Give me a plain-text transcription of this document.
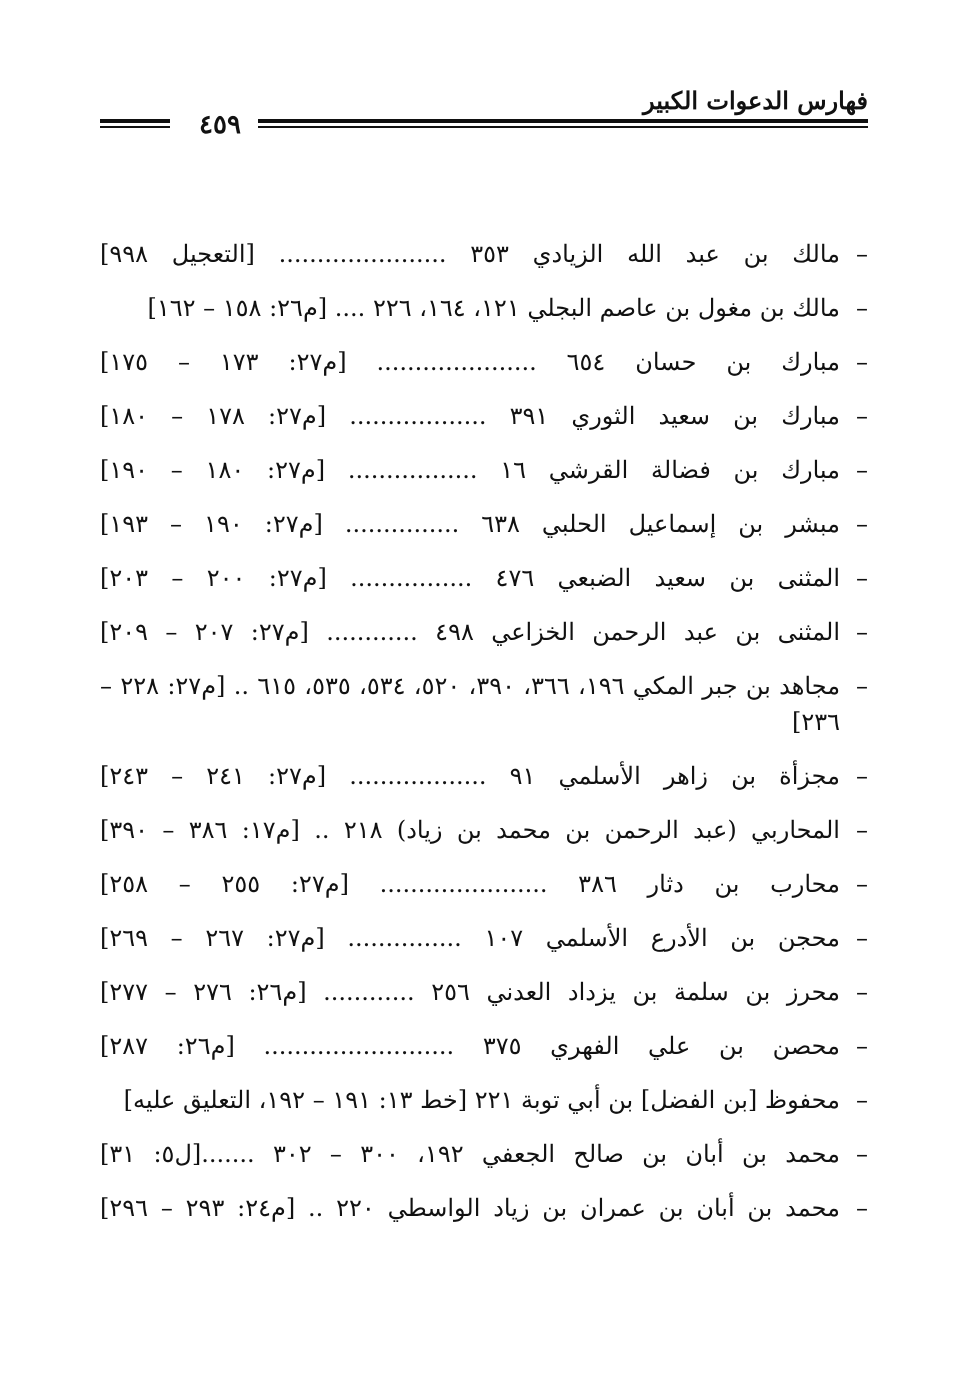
فهارس الدعوات الكبير
٤٥٩
–
مالك بن عبد الله الزيادي ٣٥٣ ...................... [التعجيل ٩٩٨]
–
مالك بن مغول بن عاصم البجلي ١٢١، ١٦٤، ٢٢٦ .... [م٢٦: ١٥٨ – ١٦٢]
–
مبارك بن حسان ٦٥٤ ..................... [م٢٧: ١٧٣ – ١٧٥]
–
مبارك بن سعيد الثوري ٣٩١ .................. [م٢٧: ١٧٨ – ١٨٠]
–
مبارك بن فضالة القرشي ١٦ ................. [م٢٧: ١٨٠ – ١٩٠]
–
مبشر بن إسماعيل الحلبي ٦٣٨ ............... [م٢٧: ١٩٠ – ١٩٣]
–
المثنى بن سعيد الضبعي ٤٧٦ ................ [م٢٧: ٢٠٠ – ٢٠٣]
–
المثنى بن عبد الرحمن الخزاعي ٤٩٨ ............ [م٢٧: ٢٠٧ – ٢٠٩]
–
مجاهد بن جبر المكي ١٩٦، ٣٦٦، ٣٩٠، ٥٢٠، ٥٣٤، ٥٣٥، ٦١٥ .. [م٢٧: ٢٢٨ – ٢٣٦]
–
مجزأة بن زاهر الأسلمي ٩١ .................. [م٢٧: ٢٤١ – ٢٤٣]
–
المحاربي (عبد الرحمن بن محمد بن زياد) ٢١٨ .. [م١٧: ٣٨٦ – ٣٩٠]
–
محارب بن دثار ٣٨٦ ...................... [م٢٧: ٢٥٥ – ٢٥٨]
–
محجن بن الأدرع الأسلمي ١٠٧ ............... [م٢٧: ٢٦٧ – ٢٦٩]
–
محرز بن سلمة بن يزداد العدني ٢٥٦ ............ [م٢٦: ٢٧٦ – ٢٧٧]
–
محصن بن علي الفهري ٣٧٥ ......................... [م٢٦: ٢٨٧]
–
محفوظ [بن الفضل] بن أبي توبة ٢٢١ [خط ١٣: ١٩١ – ١٩٢، التعليق عليه]
–
محمد بن أبان بن صالح الجعفي ١٩٢، ٣٠٠ – ٣٠٢ .......[ل٥: ٣١]
–
محمد بن أبان بن عمران بن زياد الواسطي ٢٢٠ .. [م٢٤: ٢٩٣ – ٢٩٦]
